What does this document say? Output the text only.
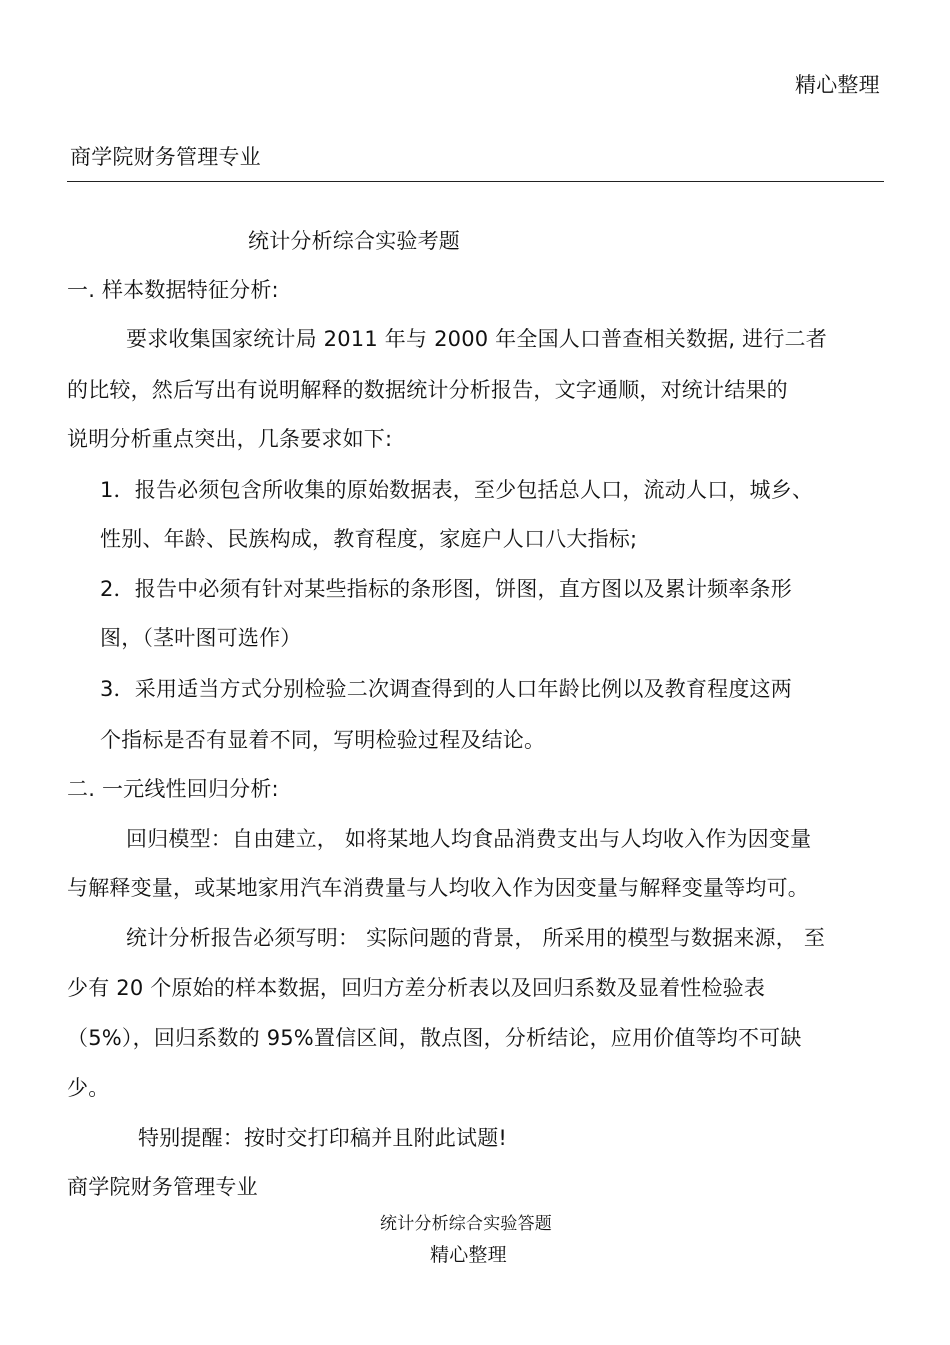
精心整理
商学院财务管理专业
统计分析综合实验考题
一. 样本数据特征分析:
要求收集国家统计局 2011 年与 2000 年全国人口普查相关数据, 进行二者
的比较，然后写出有说明解释的数据统计分析报告，文字通顺，对统计结果的
说明分析重点突出，几条要求如下:
1．报告必须包含所收集的原始数据表，至少包括总人口，流动人口，城乡、
性别、年龄、民族构成，教育程度，家庭户人口八大指标;
2．报告中必须有针对某些指标的条形图，饼图，直方图以及累计频率条形
图，（茎叶图可选作）
3．采用适当方式分别检验二次调查得到的人口年龄比例以及教育程度这两
个指标是否有显着不同，写明检验过程及结论。
二. 一元线性回归分析:
回归模型：自由建立， 如将某地人均食品消费支出与人均收入作为因变量
与解释变量，或某地家用汽车消费量与人均收入作为因变量与解释变量等均可。
统计分析报告必须写明： 实际问题的背景， 所采用的模型与数据来源， 至
少有 20 个原始的样本数据，回归方差分析表以及回归系数及显着性检验表
（5%），回归系数的 95%置信区间，散点图，分析结论，应用价值等均不可缺
少。
特别提醒：按时交打印稿并且附此试题!
商学院财务管理专业
统计分析综合实验答题
精心整理
